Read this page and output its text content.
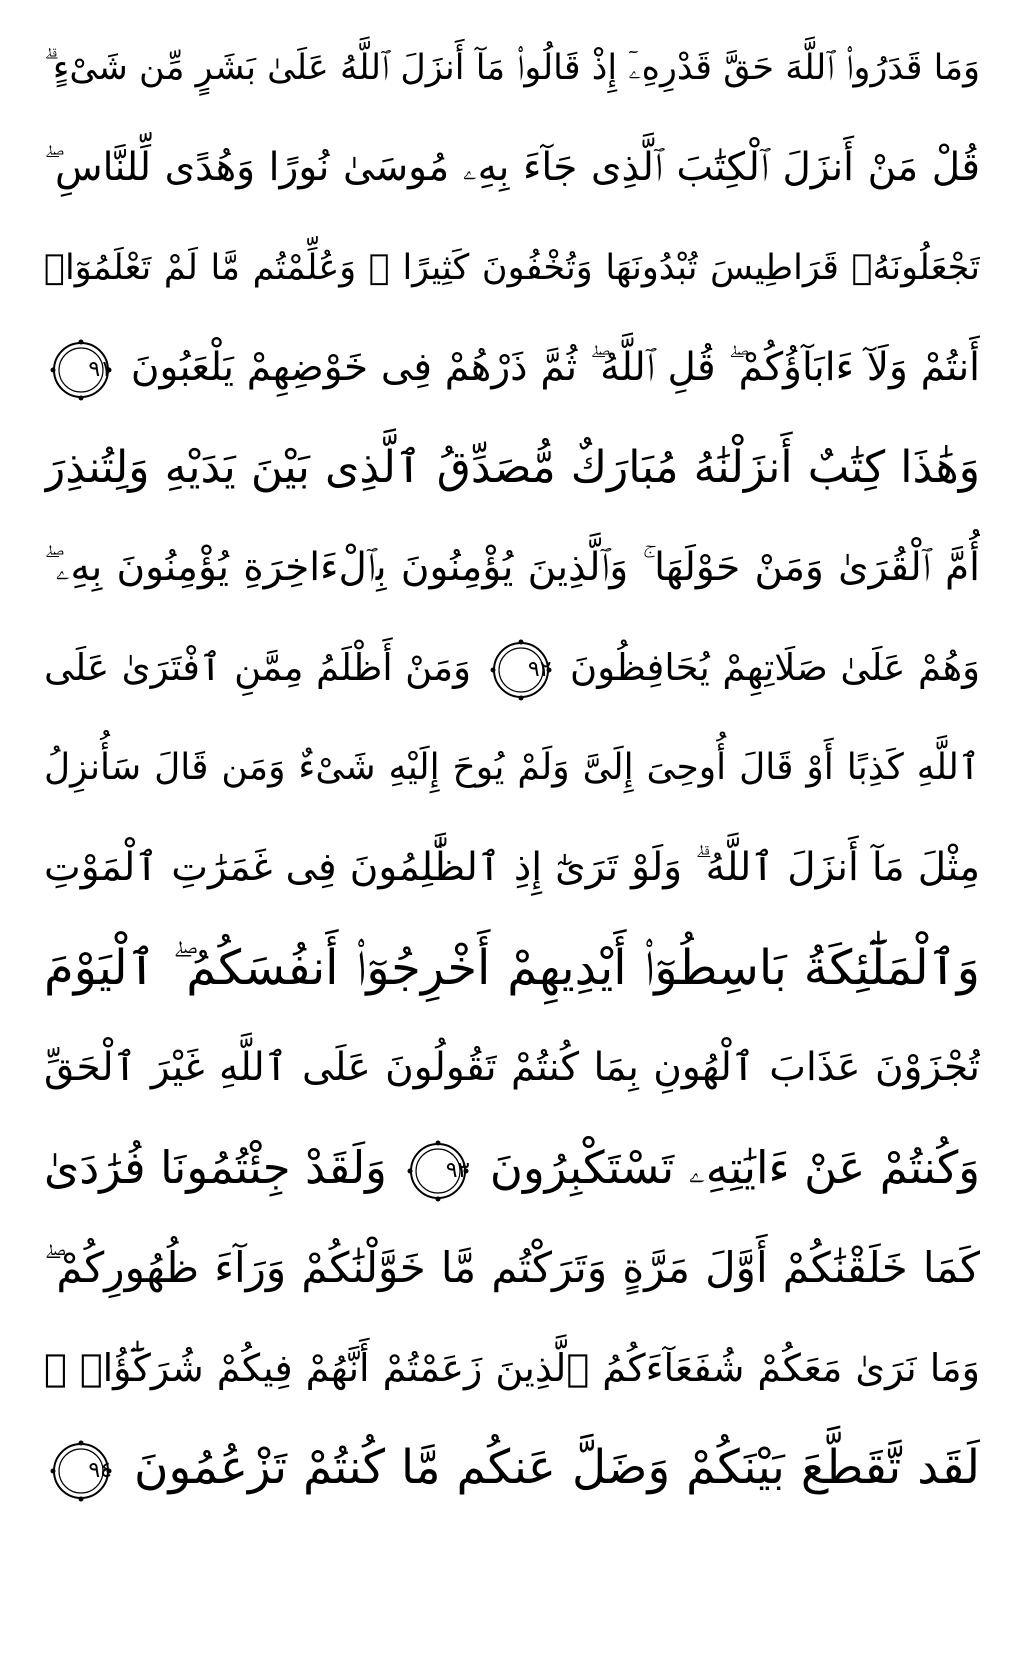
وَمَا قَدَرُوا۟ ٱللَّهَ حَقَّ قَدْرِهِۦٓ إِذْ قَالُوا۟ مَآ أَنزَلَ ٱللَّهُ عَلَىٰ بَشَرٍ مِّن شَىْءٍ ۗ
قُلْ مَنْ أَنزَلَ ٱلْكِتَٰبَ ٱلَّذِى جَآءَ بِهِۦ مُوسَىٰ نُورًا وَهُدًى لِّلنَّاسِ ۖ
تَجْعَلُونَهُۥ قَرَاطِيسَ تُبْدُونَهَا وَتُخْفُونَ كَثِيرًا ۖ وَعُلِّمْتُم مَّا لَمْ تَعْلَمُوٓا۟
أَنتُمْ وَلَآ ءَابَآؤُكُمْ ۖ قُلِ ٱللَّهُ ۖ ثُمَّ ذَرْهُمْ فِى خَوْضِهِمْ يَلْعَبُونَ
٩١
وَهَٰذَا كِتَٰبٌ أَنزَلْنَٰهُ مُبَارَكٌ مُّصَدِّقُ ٱلَّذِى بَيْنَ يَدَيْهِ وَلِتُنذِرَ
أُمَّ ٱلْقُرَىٰ وَمَنْ حَوْلَهَا ۚ وَٱلَّذِينَ يُؤْمِنُونَ بِٱلْءَاخِرَةِ يُؤْمِنُونَ بِهِۦ ۖ
وَهُمْ عَلَىٰ صَلَاتِهِمْ يُحَافِظُونَ
٩٢
وَمَنْ أَظْلَمُ مِمَّنِ ٱفْتَرَىٰ عَلَى
ٱللَّهِ كَذِبًا أَوْ قَالَ أُوحِىَ إِلَىَّ وَلَمْ يُوحَ إِلَيْهِ شَىْءٌ وَمَن قَالَ سَأُنزِلُ
مِثْلَ مَآ أَنزَلَ ٱللَّهُ ۗ وَلَوْ تَرَىٰٓ إِذِ ٱلظَّٰلِمُونَ فِى غَمَرَٰتِ ٱلْمَوْتِ
وَٱلْمَلَٰٓئِكَةُ بَاسِطُوٓا۟ أَيْدِيهِمْ أَخْرِجُوٓا۟ أَنفُسَكُمُ ۖ ٱلْيَوْمَ
تُجْزَوْنَ عَذَابَ ٱلْهُونِ بِمَا كُنتُمْ تَقُولُونَ عَلَى ٱللَّهِ غَيْرَ ٱلْحَقِّ
وَكُنتُمْ عَنْ ءَايَٰتِهِۦ تَسْتَكْبِرُونَ
٩٣
وَلَقَدْ جِئْتُمُونَا فُرَٰدَىٰ
كَمَا خَلَقْنَٰكُمْ أَوَّلَ مَرَّةٍ وَتَرَكْتُم مَّا خَوَّلْنَٰكُمْ وَرَآءَ ظُهُورِكُمْ ۖ
وَمَا نَرَىٰ مَعَكُمْ شُفَعَآءَكُمُ ٱلَّذِينَ زَعَمْتُمْ أَنَّهُمْ فِيكُمْ شُرَكَٰٓؤُا۟ ۚ
لَقَد تَّقَطَّعَ بَيْنَكُمْ وَضَلَّ عَنكُم مَّا كُنتُمْ تَزْعُمُونَ
٩٤
